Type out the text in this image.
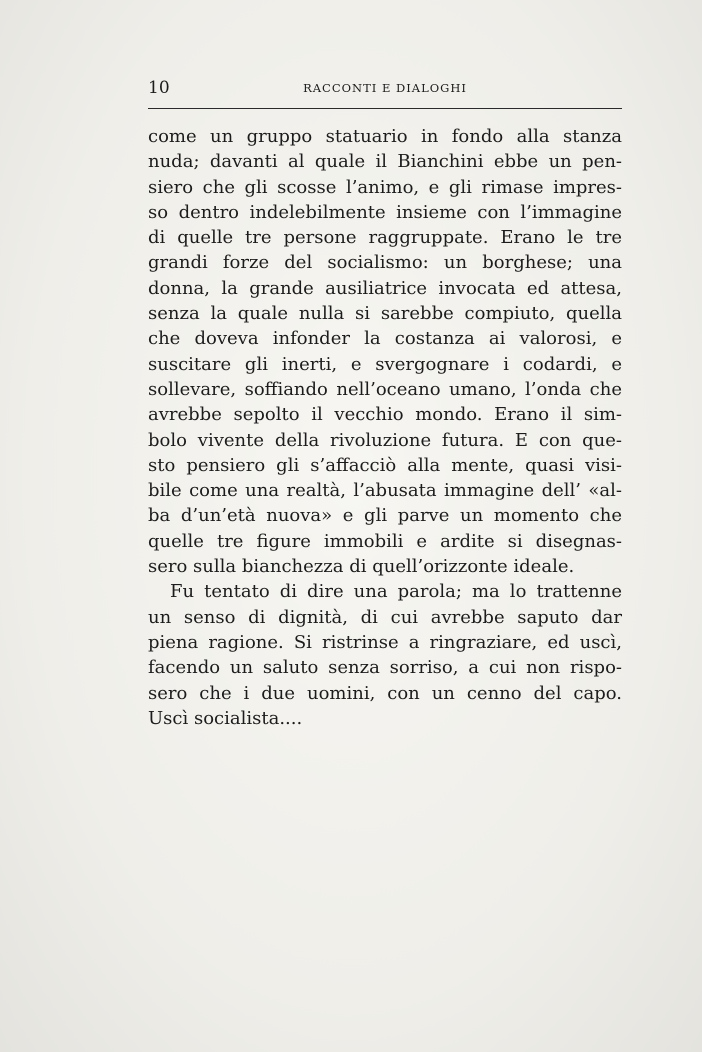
10	RACCONTI E DIALOGHI
come un gruppo statuario in fondo alla stanza
nuda; davanti al quale il Bianchini ebbe un pen-
siero che gli scosse l’animo, e gli rimase impres-
so dentro indelebilmente insieme con l’immagine
di quelle tre persone raggruppate. Erano le tre
grandi forze del socialismo: un borghese; una
donna, la grande ausiliatrice invocata ed attesa,
senza la quale nulla si sarebbe compiuto, quella
che doveva infonder la costanza ai valorosi, e
suscitare gli inerti, e svergognare i codardi, e
sollevare, soffiando nell’oceano umano, l’onda che
avrebbe sepolto il vecchio mondo. Erano il sim-
bolo vivente della rivoluzione futura. E con que-
sto pensiero gli s’affacciò alla mente, quasi visi-
bile come una realtà, l’abusata immagine dell’ «al-
ba d’un’età nuova» e gli parve un momento che
quelle tre figure immobili e ardite si disegnas-
sero sulla bianchezza di quell’orizzonte ideale.
Fu tentato di dire una parola; ma lo trattenne
un senso di dignità, di cui avrebbe saputo dar
piena ragione. Si ristrinse a ringraziare, ed uscì,
facendo un saluto senza sorriso, a cui non rispo-
sero che i due uomini, con un cenno del capo.
Uscì socialista....
